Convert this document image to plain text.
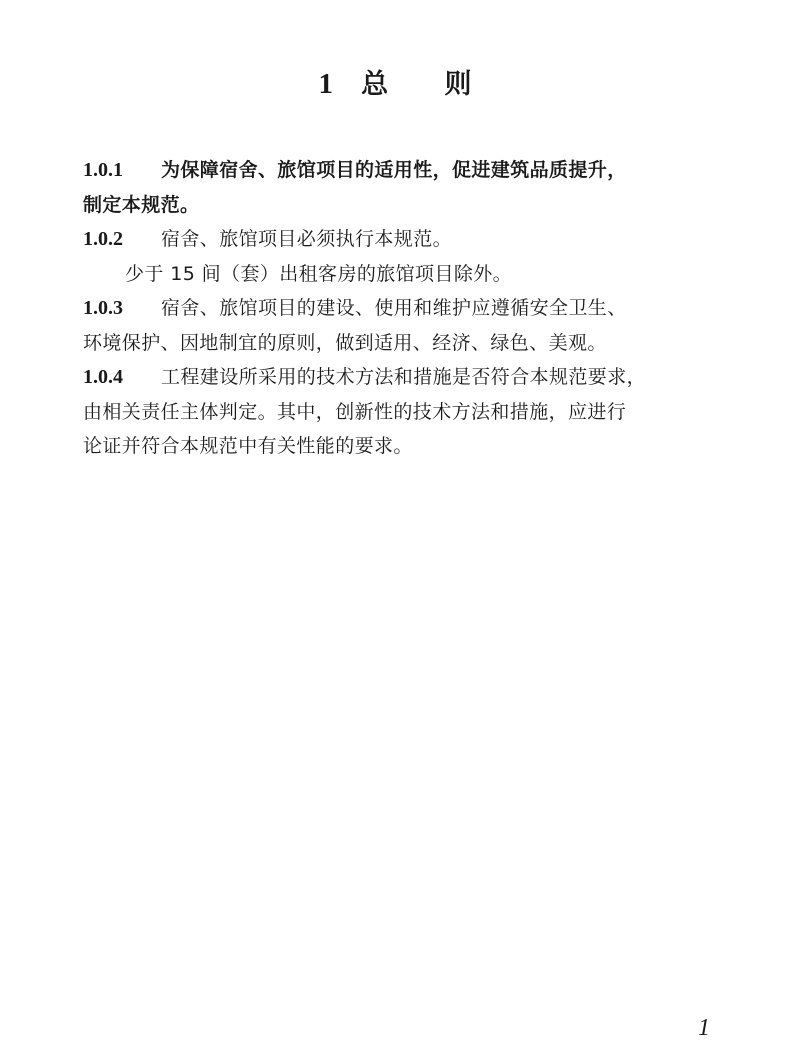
1 总      则
1.0.1 为保障宿舍、旅馆项目的适用性，促进建筑品质提升，
制定本规范。
1.0.2 宿舍、旅馆项目必须执行本规范。
少于 15 间（套）出租客房的旅馆项目除外。
1.0.3 宿舍、旅馆项目的建设、使用和维护应遵循安全卫生、
环境保护、因地制宜的原则，做到适用、经济、绿色、美观。
1.0.4 工程建设所采用的技术方法和措施是否符合本规范要求，
由相关责任主体判定。其中，创新性的技术方法和措施，应进行
论证并符合本规范中有关性能的要求。
1
